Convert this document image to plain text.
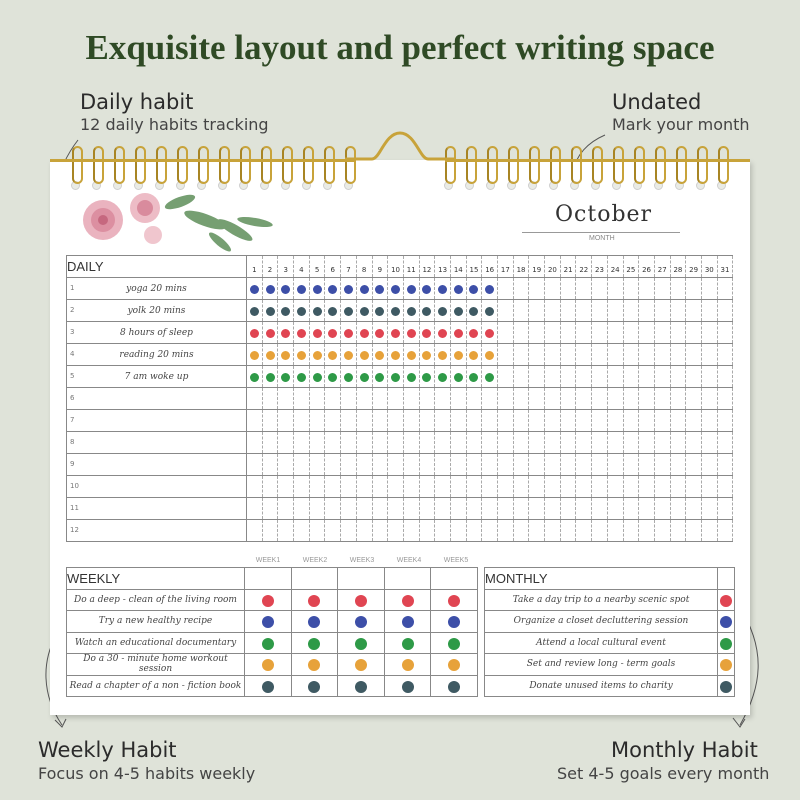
Exquisite layout and perfect writing space
Daily habit
12 daily habits tracking
Undated
Mark your month
Weekly Habit
Focus on 4-5 habits weekly
Monthly Habit
Set 4-5 goals every month
October
MONTH
DAILY	1	2	3	4	5	6	7	8	9	10	11	12	13	14	15	16	17	18	19	20	21	22	23	24	25	26	27	28	29	30	31

1 yoga 20 mins																															

2 yolk 20 mins																															

3 8 hours of sleep																															

4 reading 20 mins																															

5 7 am woke up																															

6																															

7																															

8																															

9																															

10																															

11																															

12																															

WEEK1	WEEK2	WEEK3	WEEK4	WEEK5
WEEKLY					

Do a deep - clean of the living room					

Try a new healthy recipe					

Watch an educational documentary					

Do a 30 - minute home workout session					

Read a chapter of a non - fiction book					

MONTHLY	

Take a day trip to a nearby scenic spot	

Organize a closet decluttering session	

Attend a local cultural event	

Set and review long - term goals	

Donate unused items to charity	
